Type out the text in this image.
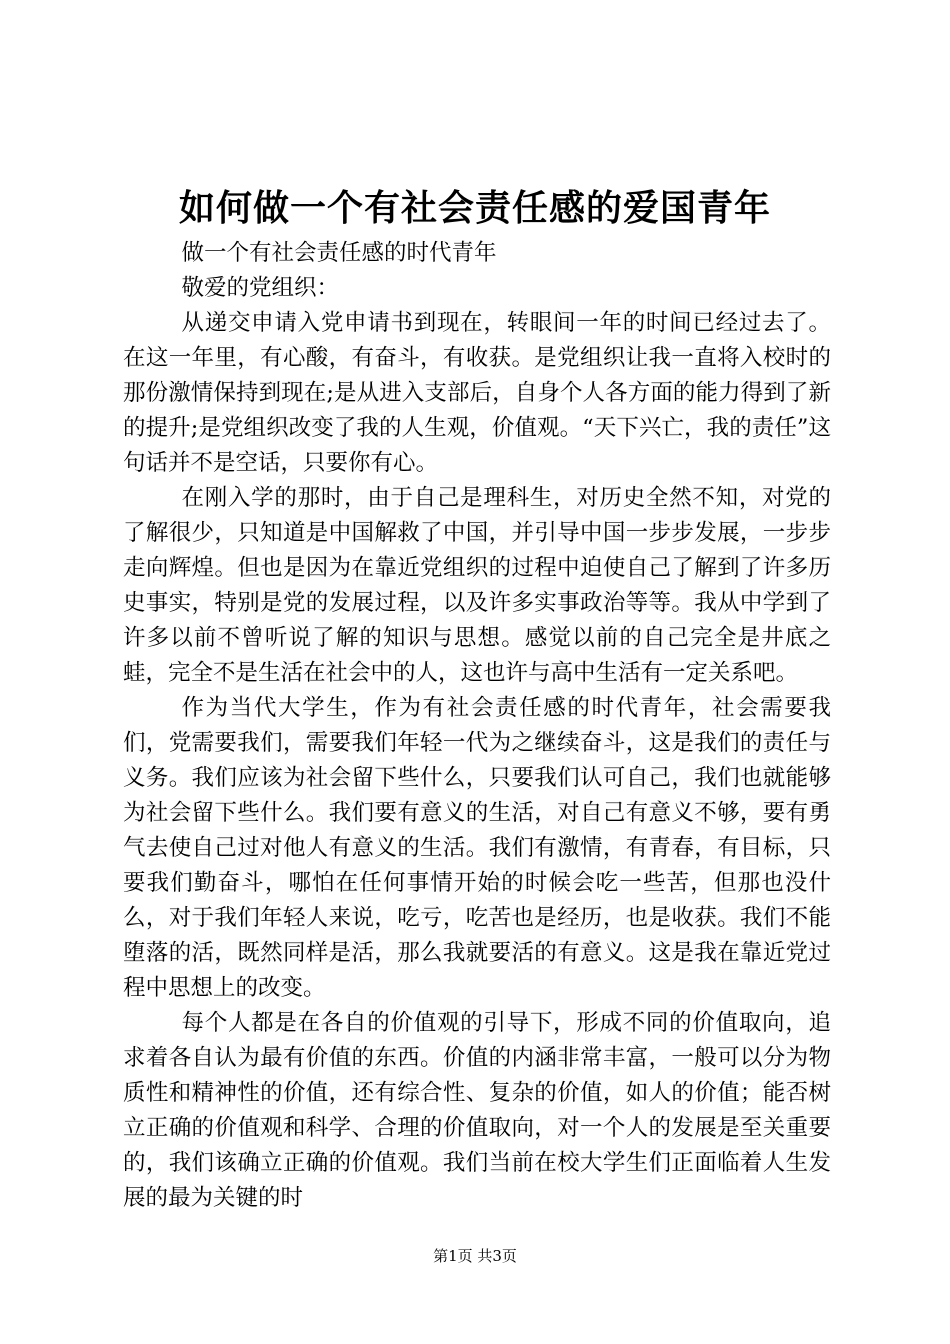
如何做一个有社会责任感的爱国青年

做一个有社会责任感的时代青年

敬爱的党组织：

从递交申请入党申请书到现在，转眼间一年的时间已经过去了。在这一年里，有心酸，有奋斗，有收获。是党组织让我一直将入校时的那份激情保持到现在;是从进入支部后，自身个人各方面的能力得到了新的提升;是党组织改变了我的人生观，价值观。“天下兴亡，我的责任”这句话并不是空话，只要你有心。

在刚入学的那时，由于自己是理科生，对历史全然不知，对党的了解很少，只知道是中国解救了中国，并引导中国一步步发展，一步步走向辉煌。但也是因为在靠近党组织的过程中迫使自己了解到了许多历史事实，特别是党的发展过程，以及许多实事政治等等。我从中学到了许多以前不曾听说了解的知识与思想。感觉以前的自己完全是井底之蛙，完全不是生活在社会中的人，这也许与高中生活有一定关系吧。

作为当代大学生，作为有社会责任感的时代青年，社会需要我们，党需要我们，需要我们年轻一代为之继续奋斗，这是我们的责任与义务。我们应该为社会留下些什么，只要我们认可自己，我们也就能够为社会留下些什么。我们要有意义的生活，对自己有意义不够，要有勇气去使自己过对他人有意义的生活。我们有激情，有青春，有目标，只要我们勤奋斗，哪怕在任何事情开始的时候会吃一些苦，但那也没什么，对于我们年轻人来说，吃亏，吃苦也是经历，也是收获。我们不能堕落的活，既然同样是活，那么我就要活的有意义。这是我在靠近党过程中思想上的改变。

每个人都是在各自的价值观的引导下，形成不同的价值取向，追求着各自认为最有价值的东西。价值的内涵非常丰富，一般可以分为物质性和精神性的价值，还有综合性、复杂的价值，如人的价值；能否树立正确的价值观和科学、合理的价值取向，对一个人的发展是至关重要的，我们该确立正确的价值观。我们当前在校大学生们正面临着人生发展的最为关键的时

第1页 共3页
